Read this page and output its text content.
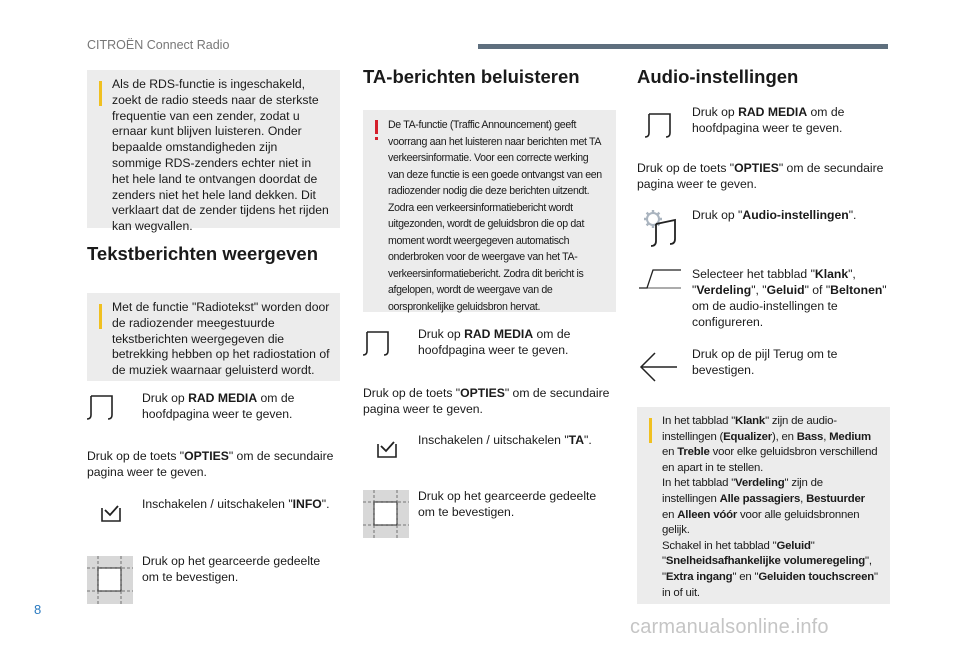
CITROËN Connect Radio
Als de RDS-functie is ingeschakeld, zoekt de radio steeds naar de sterkste frequentie van een zender, zodat u ernaar kunt blijven luisteren. Onder bepaalde omstandigheden zijn sommige RDS-zenders echter niet in het hele land te ontvangen doordat de zenders niet het hele land dekken. Dit verklaart dat de zender tijdens het rijden kan wegvallen.
Tekstberichten weergeven
Met de functie "Radiotekst" worden door de radiozender meegestuurde tekstberichten weergegeven die betrekking hebben op het radiostation of de muziek waarnaar geluisterd wordt.
Druk op RAD MEDIA om de hoofdpagina weer te geven.
Druk op de toets "OPTIES" om de secundaire pagina weer te geven.
Inschakelen / uitschakelen "INFO".
Druk op het gearceerde gedeelte om te bevestigen.
TA-berichten beluisteren
De TA-functie (Traffic Announcement) geeft voorrang aan het luisteren naar berichten met TA verkeersinformatie. Voor een correcte werking van deze functie is een goede ontvangst van een radiozender nodig die deze berichten uitzendt. Zodra een verkeersinformatiebericht wordt uitgezonden, wordt de geluidsbron die op dat moment wordt weergegeven automatisch onderbroken voor de weergave van het TA-verkeersinformatiebericht. Zodra dit bericht is afgelopen, wordt de weergave van de oorspronkelijke geluidsbron hervat.
Druk op RAD MEDIA om de hoofdpagina weer te geven.
Druk op de toets "OPTIES" om de secundaire pagina weer te geven.
Inschakelen / uitschakelen "TA".
Druk op het gearceerde gedeelte om te bevestigen.
Audio-instellingen
Druk op RAD MEDIA om de hoofdpagina weer te geven.
Druk op de toets "OPTIES" om de secundaire pagina weer te geven.
Druk op "Audio-instellingen".
Selecteer het tabblad "Klank", "Verdeling", "Geluid" of "Beltonen" om de audio-instellingen te configureren.
Druk op de pijl Terug om te bevestigen.
In het tabblad "Klank" zijn de audio-instellingen (Equalizer), en Bass, Medium en Treble voor elke geluidsbron verschillend en apart in te stellen.
In het tabblad "Verdeling" zijn de instellingen Alle passagiers, Bestuurder en Alleen vóór voor alle geluidsbronnen gelijk.
Schakel in het tabblad "Geluid" "Snelheidsafhankelijke volumeregeling", "Extra ingang" en "Geluiden touchscreen" in of uit.
8
carmanualsonline.info
